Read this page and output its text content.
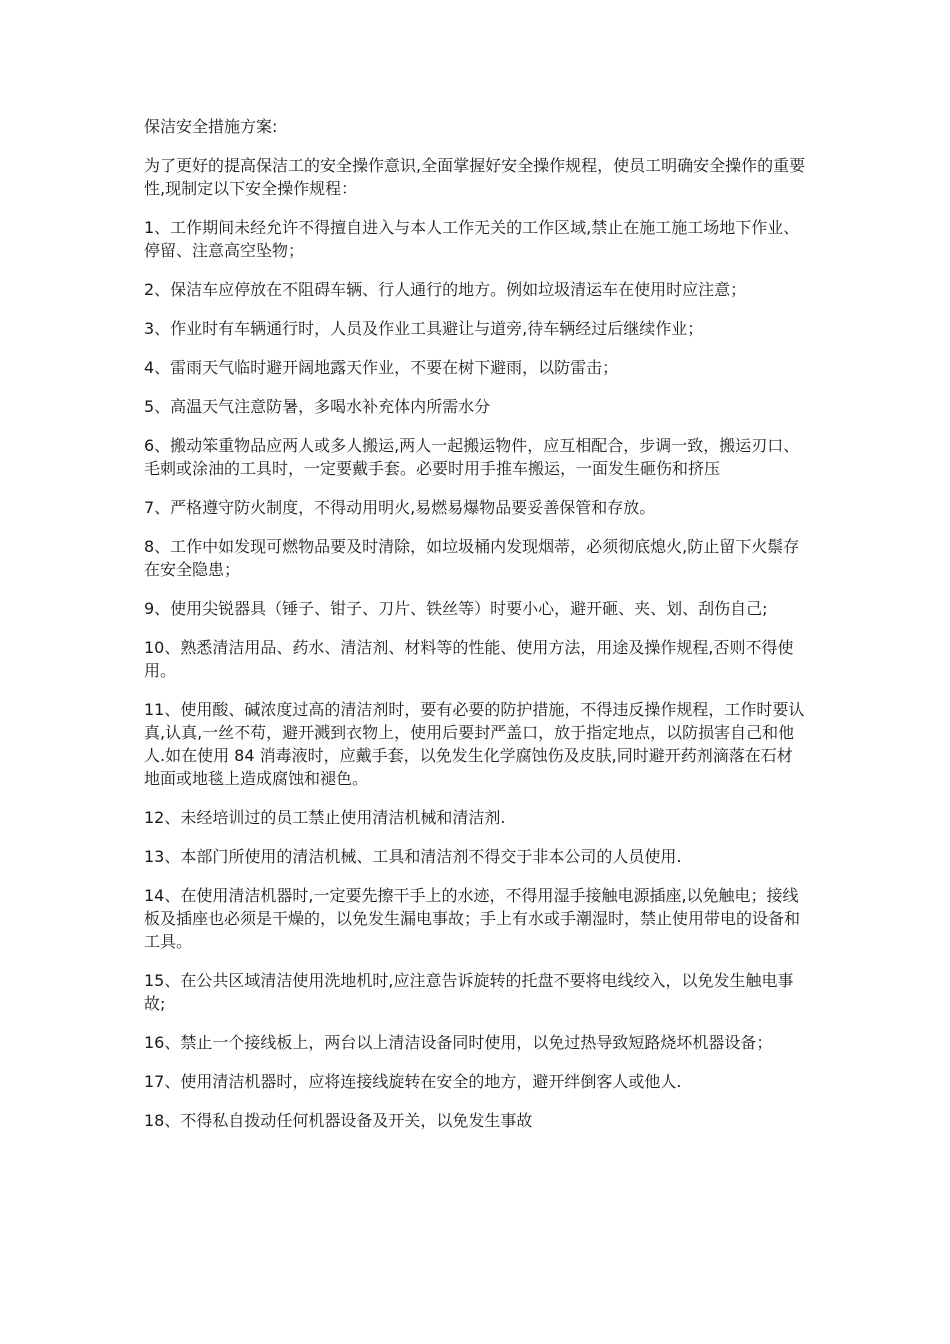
保洁安全措施方案:

为了更好的提高保洁工的安全操作意识,全面掌握好安全操作规程，使员工明确安全操作的重要性,现制定以下安全操作规程：

1、工作期间未经允许不得擅自进入与本人工作无关的工作区域,禁止在施工施工场地下作业、停留、注意高空坠物；

2、保洁车应停放在不阻碍车辆、行人通行的地方。例如垃圾清运车在使用时应注意；

3、作业时有车辆通行时，人员及作业工具避让与道旁,待车辆经过后继续作业；

4、雷雨天气临时避开阔地露天作业，不要在树下避雨，以防雷击；

5、高温天气注意防暑，多喝水补充体内所需水分

6、搬动笨重物品应两人或多人搬运,两人一起搬运物件，应互相配合，步调一致，搬运刃口、毛刺或涂油的工具时，一定要戴手套。必要时用手推车搬运，一面发生砸伤和挤压

7、严格遵守防火制度，不得动用明火,易燃易爆物品要妥善保管和存放。

8、工作中如发现可燃物品要及时清除，如垃圾桶内发现烟蒂，必须彻底熄火,防止留下火鬃存在安全隐患；

9、使用尖锐器具（锤子、钳子、刀片、铁丝等）时要小心，避开砸、夹、划、刮伤自己;

10、熟悉清洁用品、药水、清洁剂、材料等的性能、使用方法，用途及操作规程,否则不得使用。

11、使用酸、碱浓度过高的清洁剂时，要有必要的防护措施，不得违反操作规程，工作时要认真,认真,一丝不苟，避开溅到衣物上，使用后要封严盖口，放于指定地点，以防损害自己和他人.如在使用 84 消毒液时，应戴手套，以免发生化学腐蚀伤及皮肤,同时避开药剂滴落在石材地面或地毯上造成腐蚀和褪色。

12、未经培训过的员工禁止使用清洁机械和清洁剂.

13、本部门所使用的清洁机械、工具和清洁剂不得交于非本公司的人员使用.

14、在使用清洁机器时,一定要先擦干手上的水迹，不得用湿手接触电源插座,以免触电；接线板及插座也必须是干燥的，以免发生漏电事故；手上有水或手潮湿时，禁止使用带电的设备和工具。

15、在公共区域清洁使用洗地机时,应注意告诉旋转的托盘不要将电线绞入，以免发生触电事故;

16、禁止一个接线板上，两台以上清洁设备同时使用，以免过热导致短路烧坏机器设备；

17、使用清洁机器时，应将连接线旋转在安全的地方，避开绊倒客人或他人.

18、不得私自拨动任何机器设备及开关，以免发生事故
